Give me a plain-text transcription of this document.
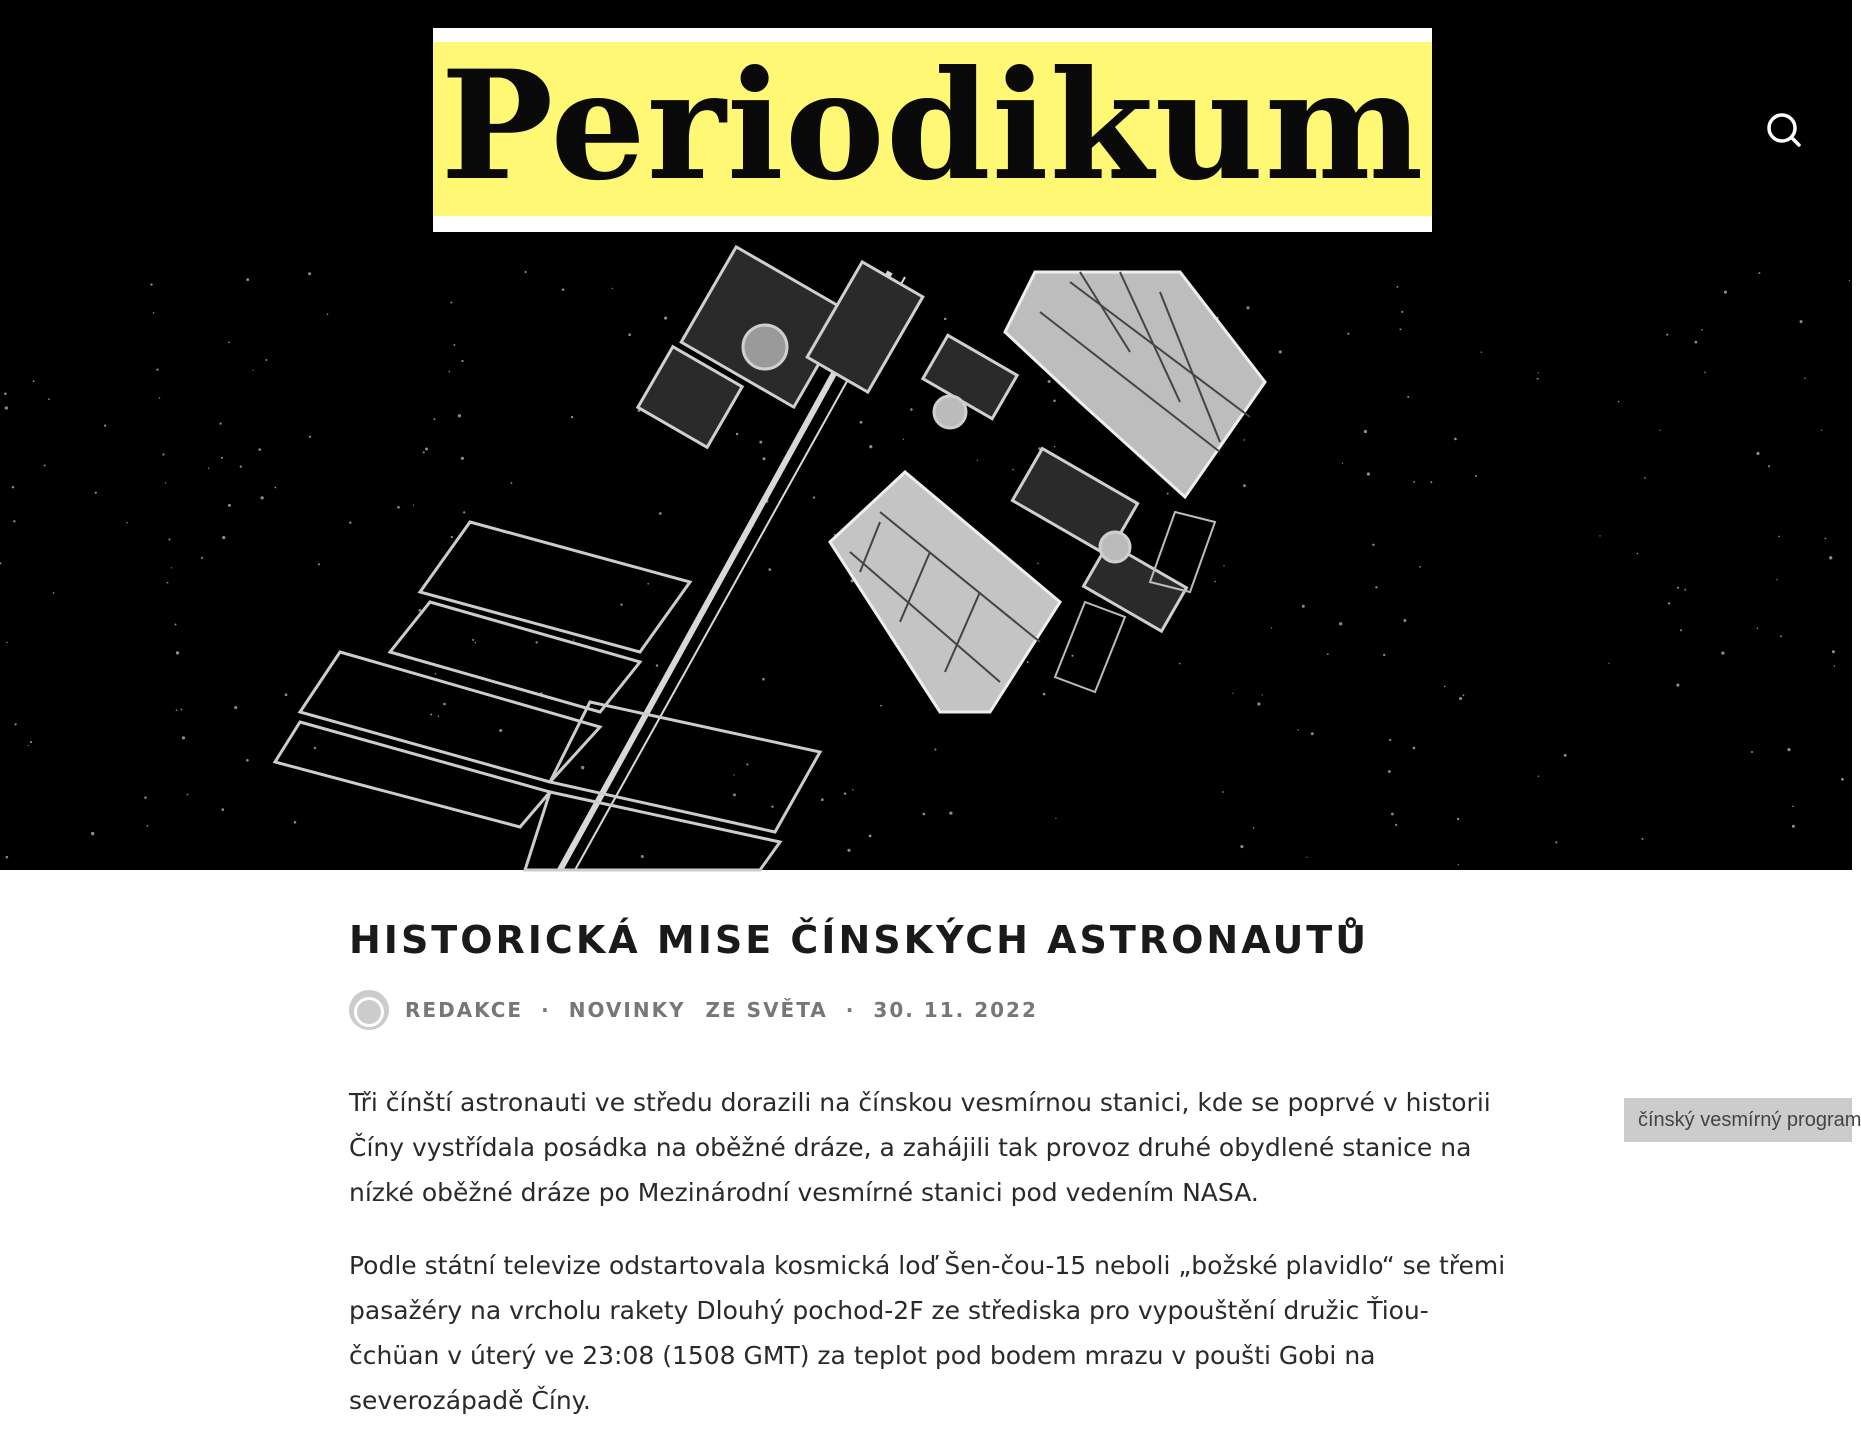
Periodikum
čínský vesmírný program
HISTORICKÁ MISE ČÍNSKÝCH ASTRONAUTŮ
REDAKCE · NOVINKY ZE SVĚTA · 30. 11. 2022

Tři čínští astronauti ve středu dorazili na čínskou vesmírnou stanici, kde se poprvé v historii Číny vystřídala posádka na oběžné dráze, a zahájili tak provoz druhé obydlené stanice na nízké oběžné dráze po Mezinárodní vesmírné stanici pod vedením NASA.

Podle státní televize odstartovala kosmická loď Šen-čou-15 neboli „božské plavidlo“ se třemi pasažéry na vrcholu rakety Dlouhý pochod-2F ze střediska pro vypouštění družic Ťiou-čchüan v úterý ve 23:08 (1508 GMT) za teplot pod bodem mrazu v poušti Gobi na severozápadě Číny.
